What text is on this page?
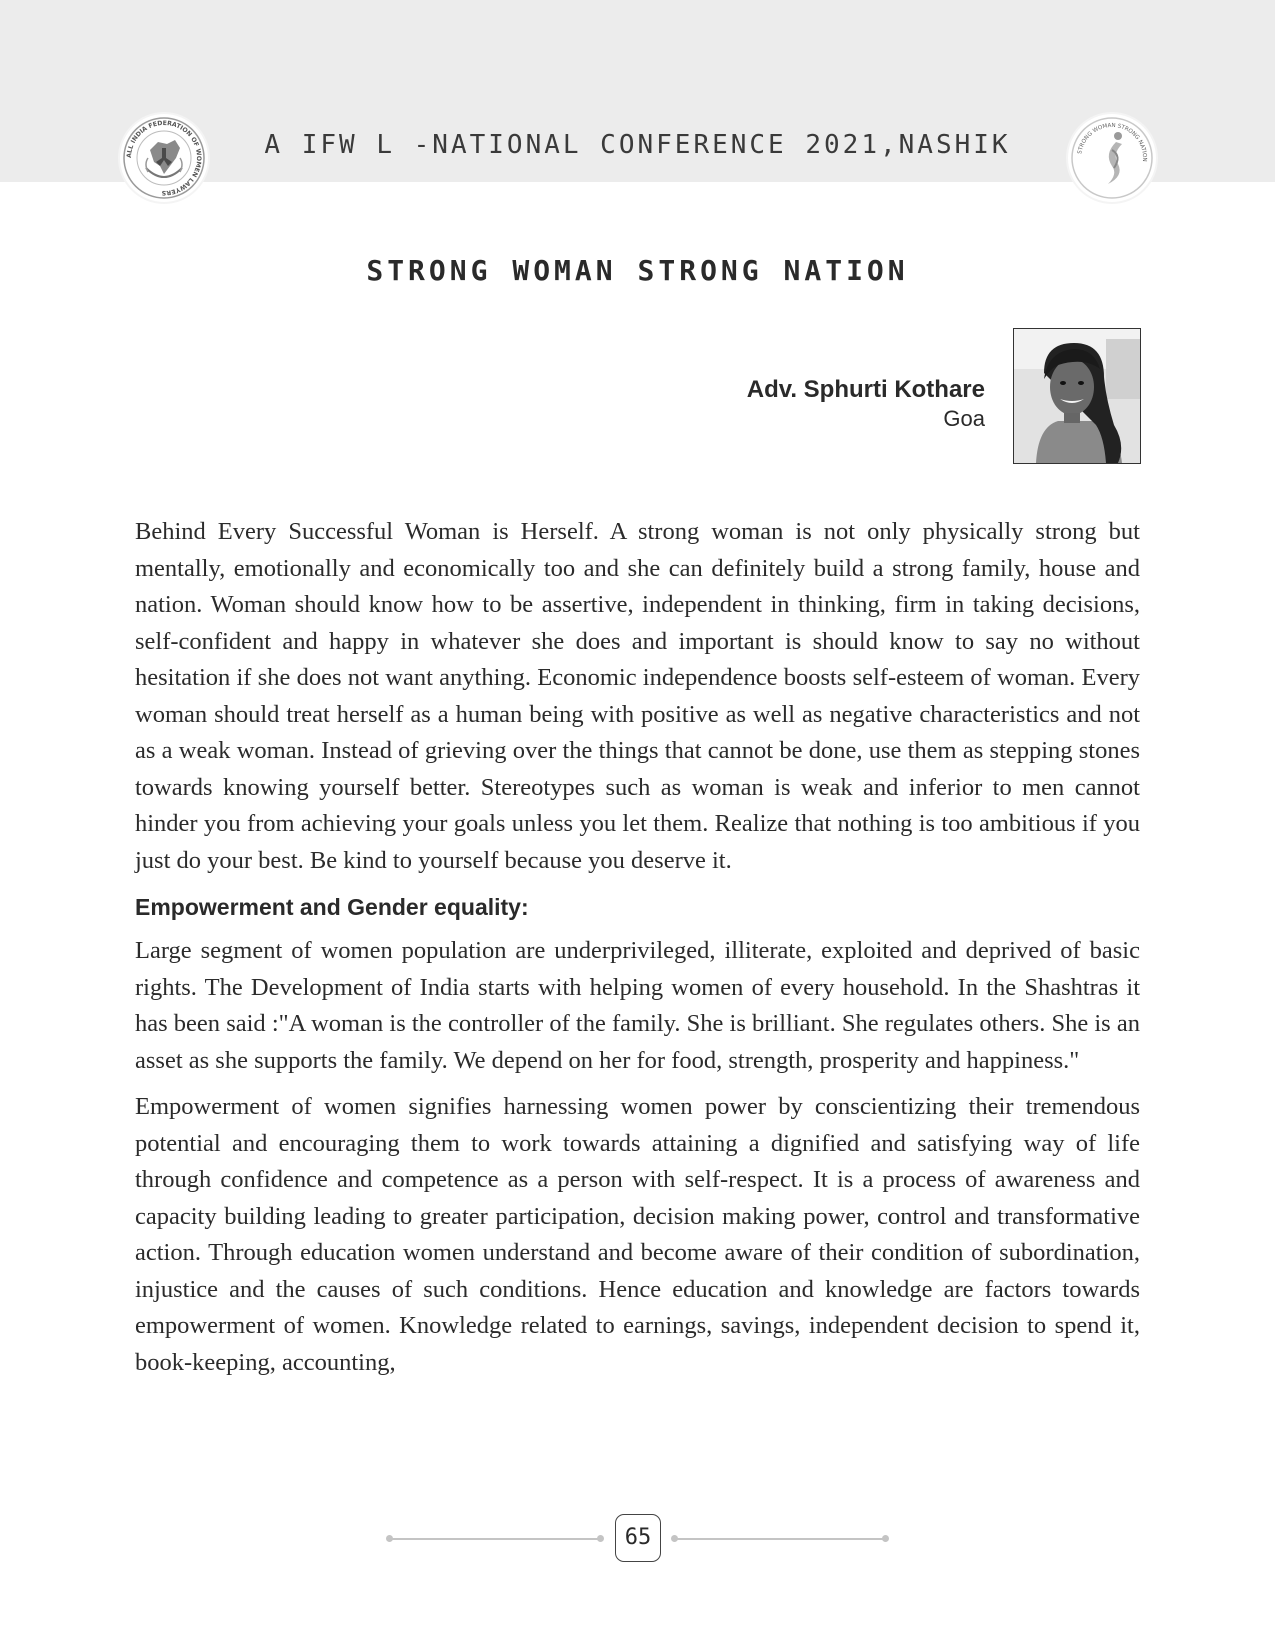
ALL INDIA FEDERATION OF WOMEN LAWYERS
A IFW L -NATIONAL CONFERENCE 2021,NASHIK	STRONG WOMAN STRONG NATION
STRONG WOMAN STRONG NATION
Adv. Sphurti Kothare
Goa

Behind Every Successful Woman is Herself. A strong woman is not only physically strong but mentally, emotionally and economically too and she can definitely build a strong family, house and nation. Woman should know how to be assertive, independent in thinking, firm in taking decisions, self-confident and happy in whatever she does and important is should know to say no without hesitation if she does not want anything. Economic independence boosts self-esteem of woman. Every woman should treat herself as a human being with positive as well as negative characteristics and not as a weak woman. Instead of grieving over the things that cannot be done, use them as stepping stones towards knowing yourself better. Stereotypes such as woman is weak and inferior to men cannot hinder you from achieving your goals unless you let them. Realize that nothing is too ambitious if you just do your best. Be kind to yourself because you deserve it.

Empowerment and Gender equality:

Large segment of women population are underprivileged, illiterate, exploited and deprived of basic rights. The Development of India starts with helping women of every household. In the Shashtras it has been said :"A woman is the controller of the family. She is brilliant. She regulates others. She is an asset as she supports the family. We depend on her for food, strength, prosperity and happiness."

Empowerment of women signifies harnessing women power by conscientizing their tremendous potential and encouraging them to work towards attaining a dignified and satisfying way of life through confidence and competence as a person with self-respect. It is a process of awareness and capacity building leading to greater participation, decision making power, control and transformative action. Through education women understand and become aware of their condition of subordination, injustice and the causes of such conditions. Hence education and knowledge are factors towards empowerment of women. Knowledge related to earnings, savings, independent decision to spend it, book-keeping, accounting,

65
